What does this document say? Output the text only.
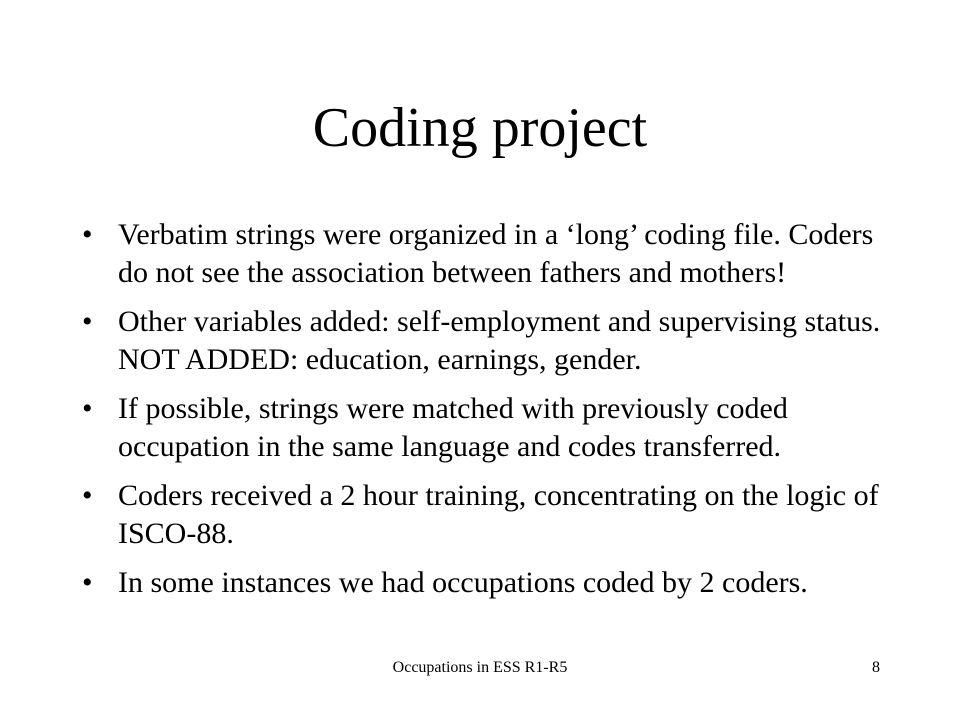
Coding project
• Verbatim strings were organized in a ‘long’ coding file. Coders do not see the association between fathers and mothers!
• Other variables added: self-employment and supervising status. NOT ADDED: education, earnings, gender.
• If possible, strings were matched with previously coded occupation in the same language and codes transferred.
• Coders received a 2 hour training, concentrating on the logic of ISCO-88.
• In some instances we had occupations coded by 2 coders.
Occupations in ESS R1-R5	8
